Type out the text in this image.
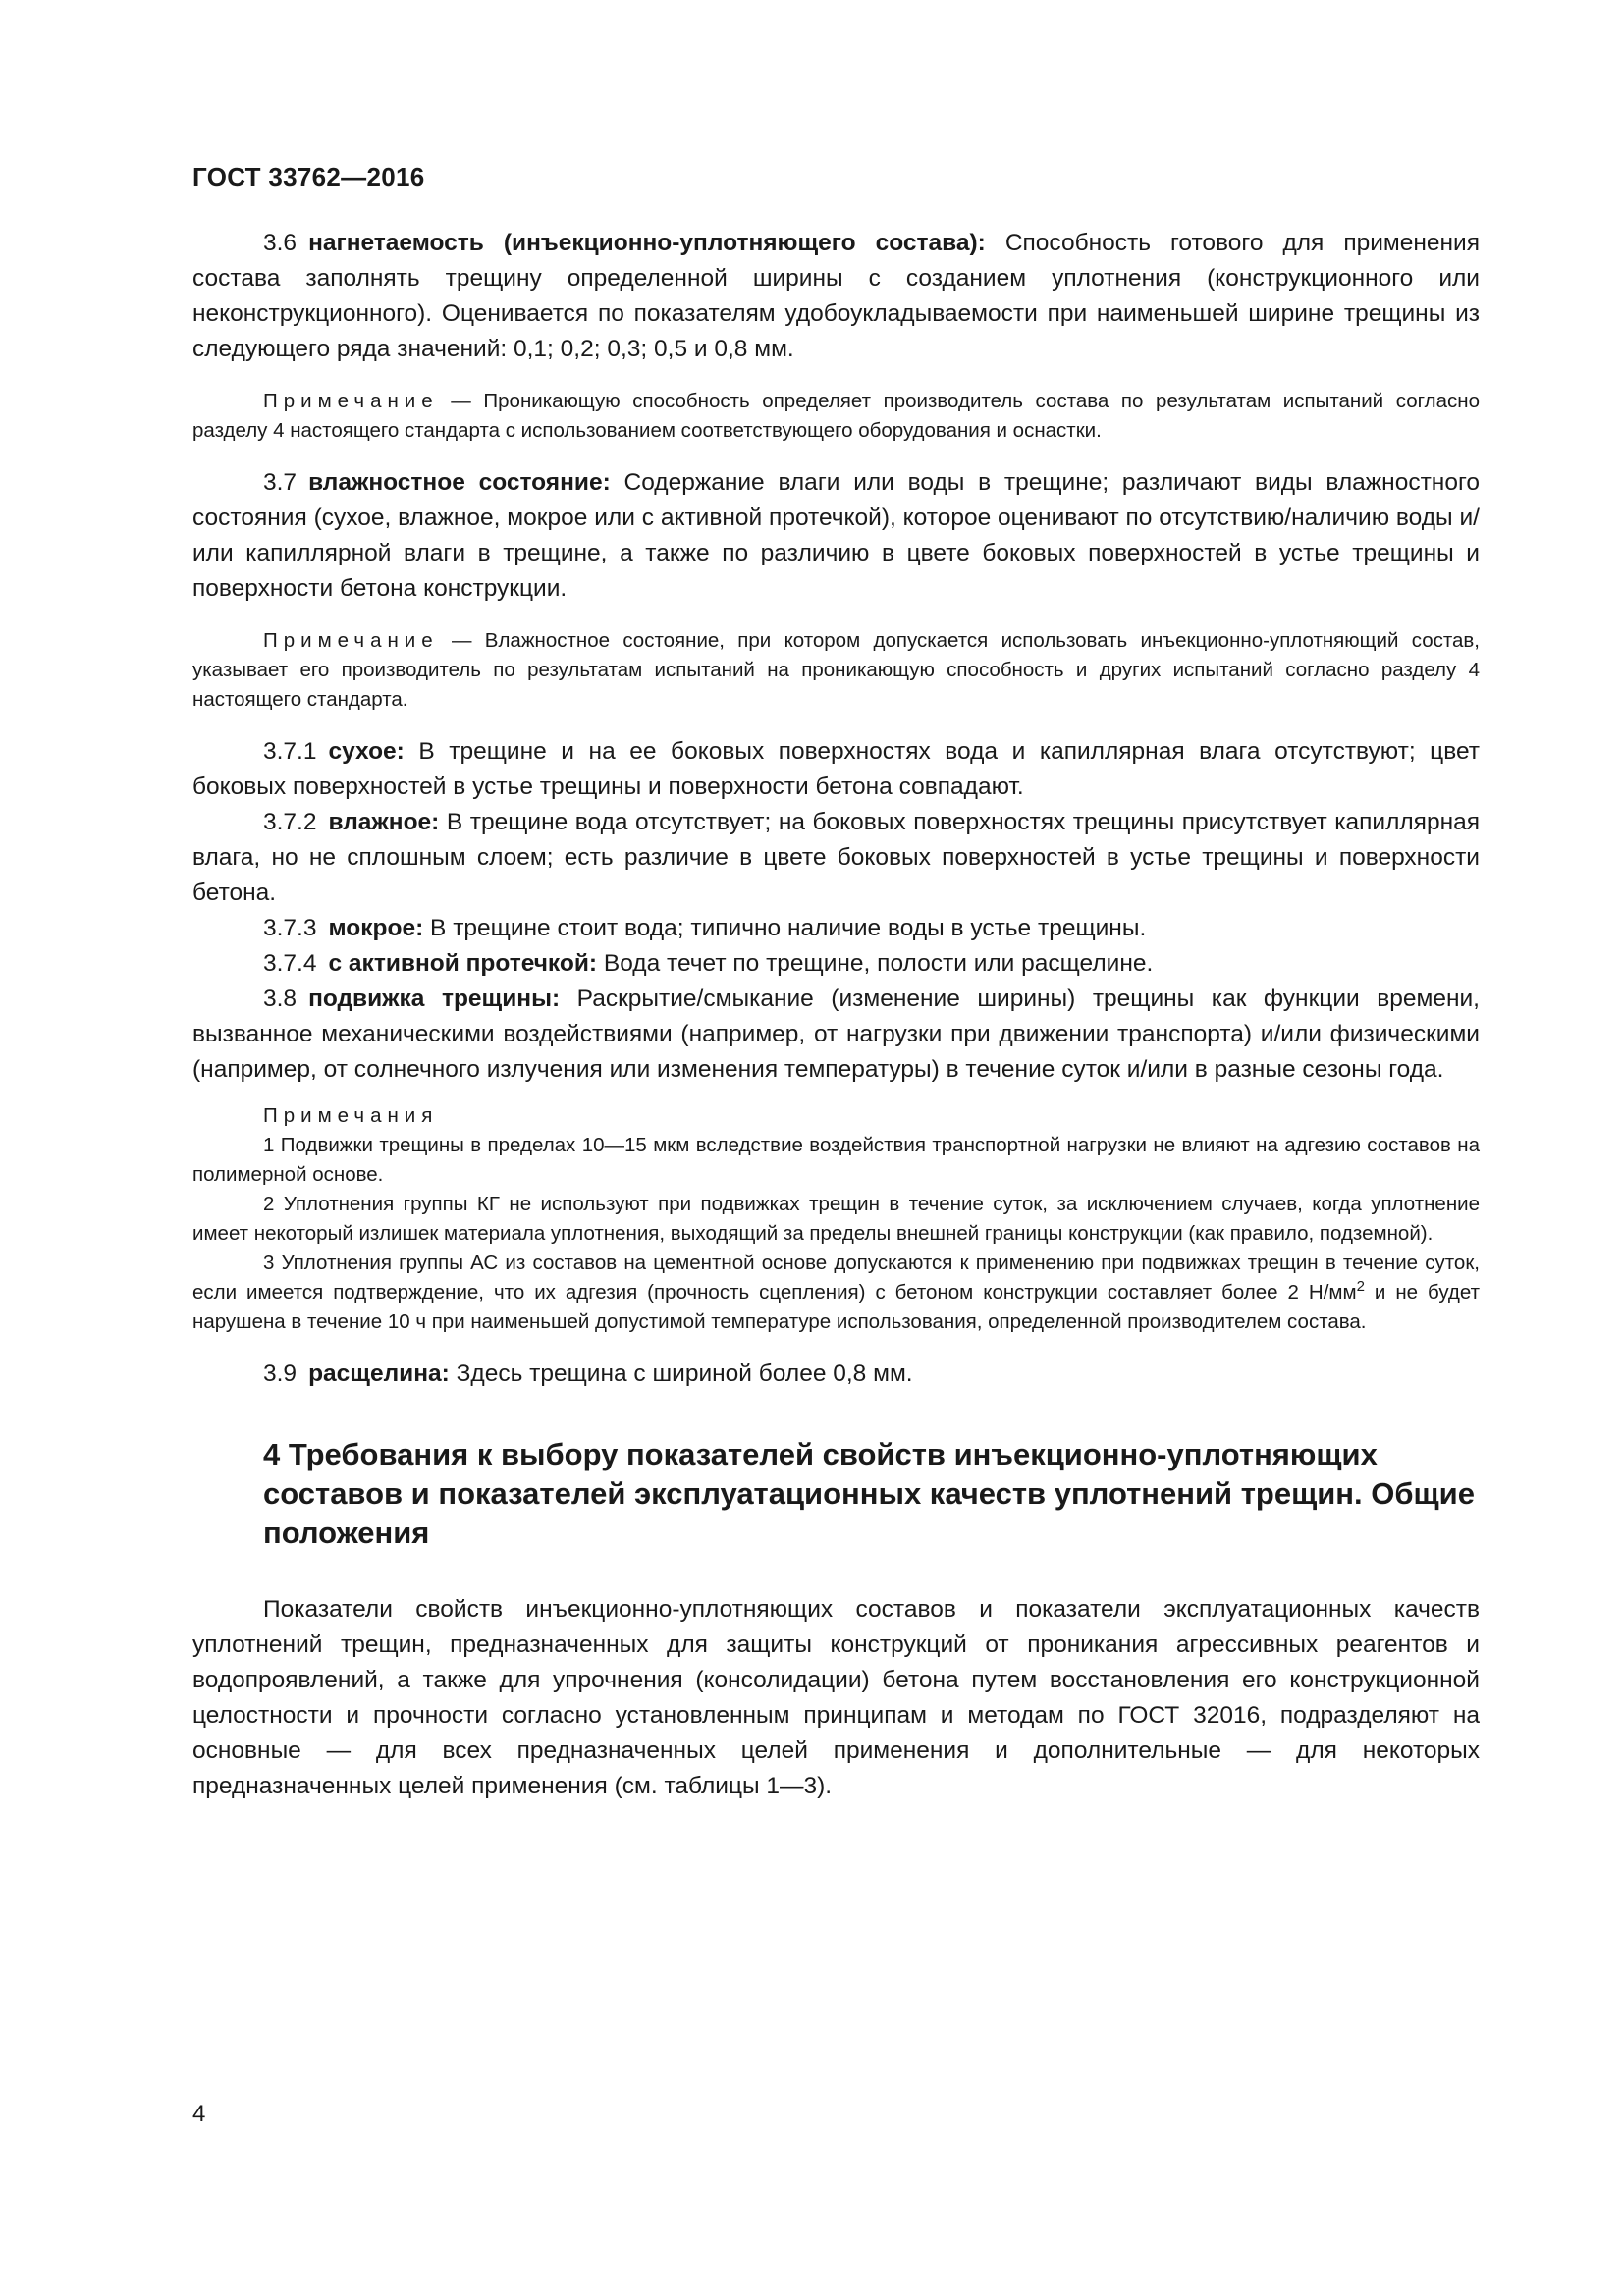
ГОСТ 33762—2016

3.6 нагнетаемость (инъекционно-уплотняющего состава): Способность готового для применения состава заполнять трещину определенной ширины с созданием уплотнения (конструкционного или неконструкционного). Оценивается по показателям удобоукладываемости при наименьшей ширине трещины из следующего ряда значений: 0,1; 0,2; 0,3; 0,5 и 0,8 мм.

Примечание — Проникающую способность определяет производитель состава по результатам испытаний согласно разделу 4 настоящего стандарта с использованием соответствующего оборудования и оснастки.

3.7 влажностное состояние: Содержание влаги или воды в трещине; различают виды влажностного состояния (сухое, влажное, мокрое или с активной протечкой), которое оценивают по отсутствию/наличию воды и/или капиллярной влаги в трещине, а также по различию в цвете боковых поверхностей в устье трещины и поверхности бетона конструкции.

Примечание — Влажностное состояние, при котором допускается использовать инъекционно-уплотняющий состав, указывает его производитель по результатам испытаний на проникающую способность и других испытаний согласно разделу 4 настоящего стандарта.

3.7.1 сухое: В трещине и на ее боковых поверхностях вода и капиллярная влага отсутствуют; цвет боковых поверхностей в устье трещины и поверхности бетона совпадают.

3.7.2 влажное: В трещине вода отсутствует; на боковых поверхностях трещины присутствует капиллярная влага, но не сплошным слоем; есть различие в цвете боковых поверхностей в устье трещины и поверхности бетона.

3.7.3 мокрое: В трещине стоит вода; типично наличие воды в устье трещины.

3.7.4 с активной протечкой: Вода течет по трещине, полости или расщелине.

3.8 подвижка трещины: Раскрытие/смыкание (изменение ширины) трещины как функции времени, вызванное механическими воздействиями (например, от нагрузки при движении транспорта) и/или физическими (например, от солнечного излучения или изменения температуры) в течение суток и/или в разные сезоны года.

Примечания

1 Подвижки трещины в пределах 10—15 мкм вследствие воздействия транспортной нагрузки не влияют на адгезию составов на полимерной основе.

2 Уплотнения группы КГ не используют при подвижках трещин в течение суток, за исключением случаев, когда уплотнение имеет некоторый излишек материала уплотнения, выходящий за пределы внешней границы конструкции (как правило, подземной).

3 Уплотнения группы АС из составов на цементной основе допускаются к применению при подвижках трещин в течение суток, если имеется подтверждение, что их адгезия (прочность сцепления) с бетоном конструкции составляет более 2 $Н/мм^2$ и не будет нарушена в течение 10 ч при наименьшей допустимой температуре использования, определенной производителем состава.

3.9 расщелина: Здесь трещина с шириной более 0,8 мм.

4 Требования к выбору показателей свойств инъекционно-уплотняющих составов и показателей эксплуатационных качеств уплотнений трещин. Общие положения

Показатели свойств инъекционно-уплотняющих составов и показатели эксплуатационных качеств уплотнений трещин, предназначенных для защиты конструкций от проникания агрессивных реагентов и водопроявлений, а также для упрочнения (консолидации) бетона путем восстановления его конструкционной целостности и прочности согласно установленным принципам и методам по ГОСТ 32016, подразделяют на основные — для всех предназначенных целей применения и дополнительные — для некоторых предназначенных целей применения (см. таблицы 1—3).

4
